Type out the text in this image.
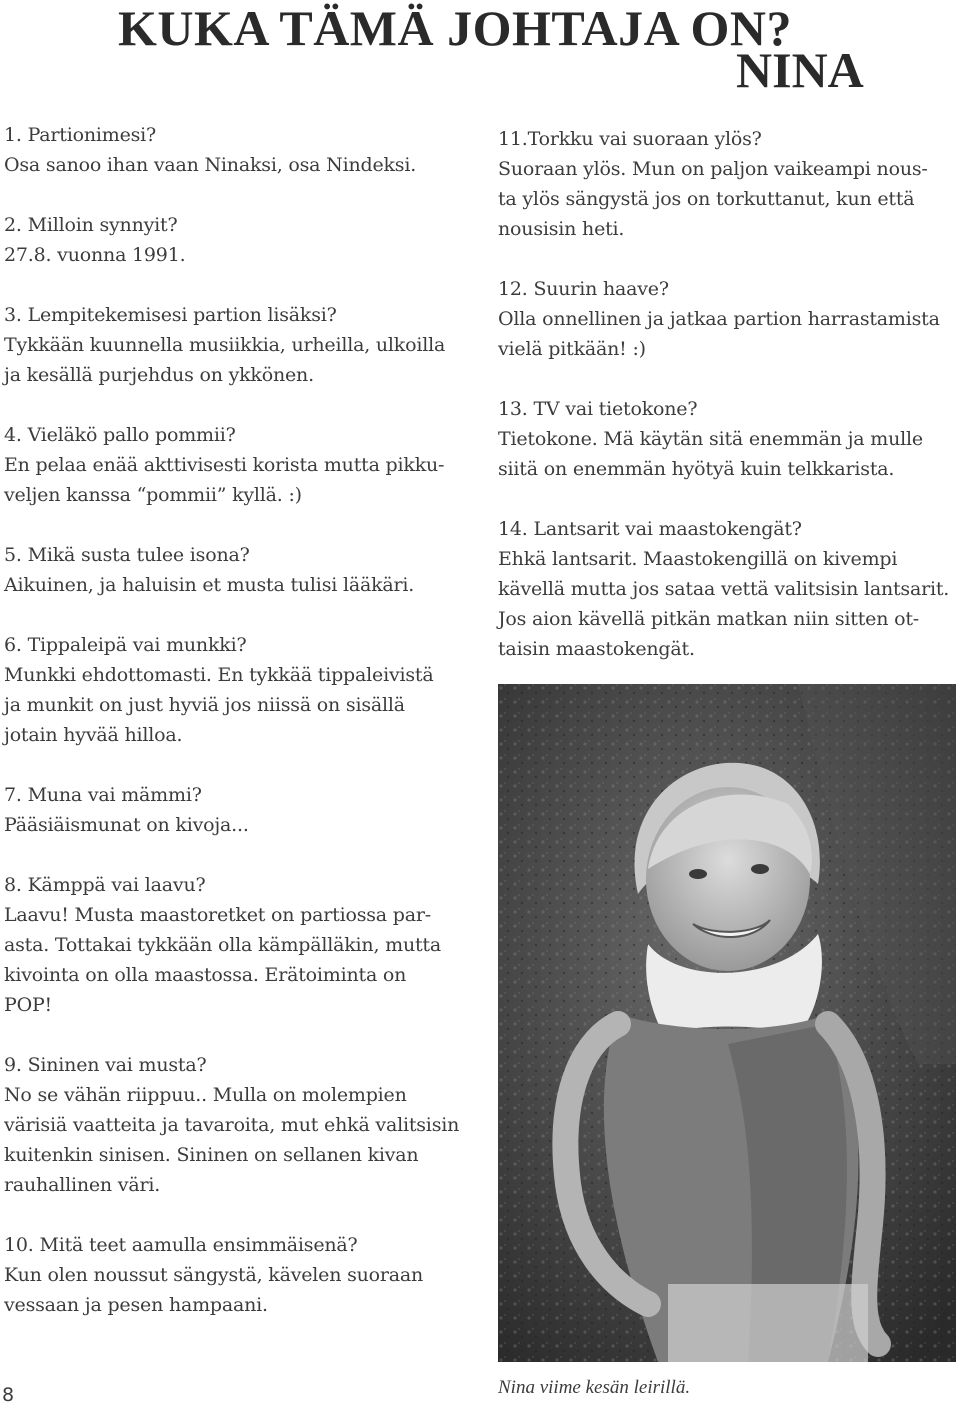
KUKA TÄMÄ JOHTAJA ON?
NINA
1. Partionimesi?
Osa sanoo ihan vaan Ninaksi, osa Nindeksi.
2. Milloin synnyit?
27.8. vuonna 1991.
3. Lempitekemisesi partion lisäksi?
Tykkään kuunnella musiikkia, urheilla, ulkoilla
ja kesällä purjehdus on ykkönen.
4. Vieläkö pallo pommii?
En pelaa enää akttivisesti korista mutta pikku-
veljen kanssa “pommii” kyllä. :)
5. Mikä susta tulee isona?
Aikuinen, ja haluisin et musta tulisi lääkäri.
6. Tippaleipä vai munkki?
Munkki ehdottomasti. En tykkää tippaleivistä
ja munkit on just hyviä jos niissä on sisällä
jotain hyvää hilloa.
7. Muna vai mämmi?
Pääsiäismunat on kivoja...
8. Kämppä vai laavu?
Laavu! Musta maastoretket on partiossa par-
asta. Tottakai tykkään olla kämpälläkin, mutta
kivointa on olla maastossa. Erätoiminta on
POP!
9. Sininen vai musta?
No se vähän riippuu.. Mulla on molempien
värisiä vaatteita ja tavaroita, mut ehkä valitsisin
kuitenkin sinisen. Sininen on sellanen kivan
rauhallinen väri.
10. Mitä teet aamulla ensimmäisenä?
Kun olen noussut sängystä, kävelen suoraan
vessaan ja pesen hampaani.
11.Torkku vai suoraan ylös?
Suoraan ylös. Mun on paljon vaikeampi nous-
ta ylös sängystä jos on torkuttanut, kun että
nousisin heti.
12. Suurin haave?
Olla onnellinen ja jatkaa partion harrastamista
vielä pitkään! :)
13. TV vai tietokone?
Tietokone. Mä käytän sitä enemmän ja mulle
siitä on enemmän hyötyä kuin telkkarista.
14. Lantsarit vai maastokengät?
Ehkä lantsarit. Maastokengillä on kivempi
kävellä mutta jos sataa vettä valitsisin lantsarit.
Jos aion kävellä pitkän matkan niin sitten ot-
taisin maastokengät.
Nina viime kesän leirillä.
8
